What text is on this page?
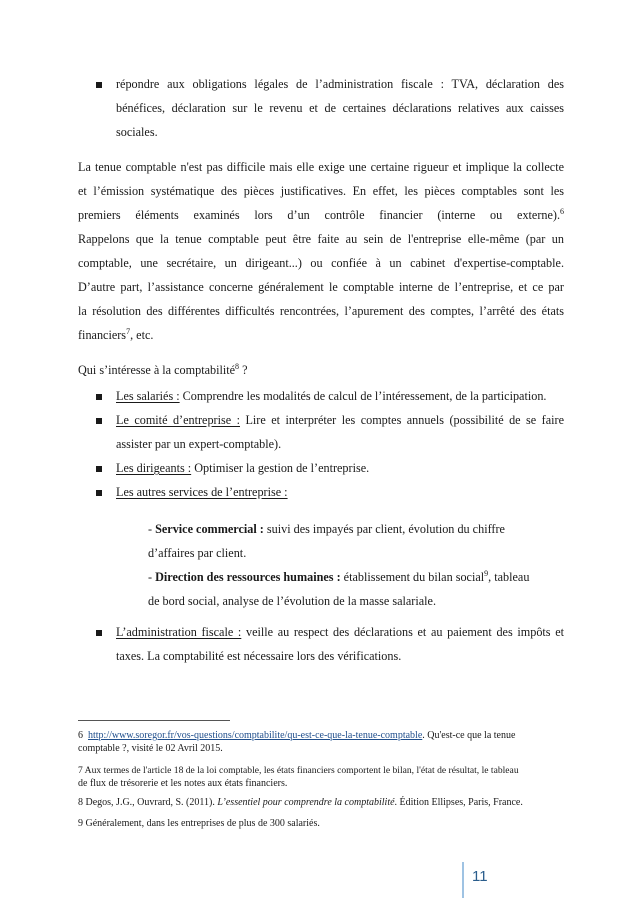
répondre aux obligations légales de l’administration fiscale : TVA, déclaration des
bénéfices, déclaration sur le revenu et de certaines déclarations relatives aux caisses
sociales.
La tenue comptable n'est pas difficile mais elle exige une certaine rigueur et implique la collecte
et l’émission systématique des pièces justificatives. En effet, les pièces comptables sont les
premiers éléments examinés lors d’un contrôle financier (interne ou externe).$^6$
Rappelons que la tenue comptable peut être faite au sein de l'entreprise elle-même (par un
comptable, une secrétaire, un dirigeant...) ou confiée à un cabinet d'expertise-comptable.
D’autre part, l’assistance concerne généralement le comptable interne de l’entreprise, et ce par
la résolution des différentes difficultés rencontrées, l’apurement des comptes, l’arrêté des états
financiers$^7$, etc.
Qui s’intéresse à la comptabilité$^8$ ?
Les salariés : Comprendre les modalités de calcul de l’intéressement, de la participation.
Le comité d’entreprise : Lire et interpréter les comptes annuels (possibilité de se faire
assister par un expert-comptable).
Les dirigeants : Optimiser la gestion de l’entreprise.
Les autres services de l’entreprise :
- Service commercial : suivi des impayés par client, évolution du chiffre
d’affaires par client.
- Direction des ressources humaines : établissement du bilan social$^9$, tableau
de bord social, analyse de l’évolution de la masse salariale.
L’administration fiscale : veille au respect des déclarations et au paiement des impôts et
taxes. La comptabilité est nécessaire lors des vérifications.
6 http://www.soregor.fr/vos-questions/comptabilite/qu-est-ce-que-la-tenue-comptable. Qu'est-ce que la tenue
comptable ?, visité le 02 Avril 2015.
7 Aux termes de l'article 18 de la loi comptable, les états financiers comportent le bilan, l'état de résultat, le tableau
de flux de trésorerie et les notes aux états financiers.
8 Degos, J.G., Ouvrard, S. (2011). L’essentiel pour comprendre la comptabilité. Édition Ellipses, Paris, France.
9 Généralement, dans les entreprises de plus de 300 salariés.
11
